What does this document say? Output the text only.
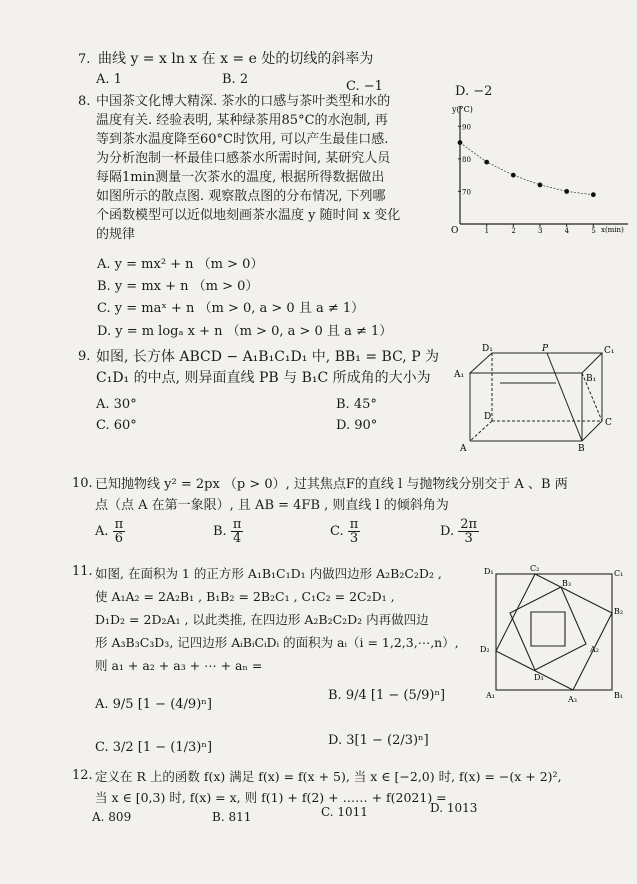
7. 曲线 y = x ln x 在 x = e 处的切线的斜率为
A. 1	B. 2	C. −1	D. −2
8. 中国茶文化博大精深. 茶水的口感与茶叶类型和水的
温度有关. 经验表明, 某种绿茶用85°C的水泡制, 再
等到茶水温度降至60°C时饮用, 可以产生最佳口感.
为分析泡制一杯最佳口感茶水所需时间, 某研究人员
每隔1min测量一次茶水的温度, 根据所得数据做出
如图所示的散点图. 观察散点图的分布情况, 下列哪
个函数模型可以近似地刻画茶水温度 y 随时间 x 变化
的规律
A. y = mx² + n （m > 0）
B. y = mx + n （m > 0）
C. y = maˣ + n （m > 0, a > 0 且 a ≠ 1）
D. y = m logₐ x + n （m > 0, a > 0 且 a ≠ 1）
y(°C)
x(min)
O
90
80
70
1	2	3	4	5
9. 如图, 长方体 ABCD − A₁B₁C₁D₁ 中, BB₁ = BC, P 为
C₁D₁ 的中点, 则异面直线 PB 与 B₁C 所成角的大小为
A. 30°	B. 45°
C. 60°	D. 90°
D₁	P	C₁
A₁	B₁
D
C
A	B
10. 已知抛物线 y² = 2px （p > 0）, 过其焦点F的直线 l 与抛物线分别交于 A 、B 两
点（点 A 在第一象限）, 且 AB = 4FB , 则直线 l 的倾斜角为
A. $\frac{\pi}{6}$	B. $\frac{\pi}{4}$	C. $\frac{\pi}{3}$	D. $\frac{2\pi}{3}$
11. 如图, 在面积为 1 的正方形 A₁B₁C₁D₁ 内做四边形 A₂B₂C₂D₂ ,
使 A₁A₂ = 2A₂B₁ , B₁B₂ = 2B₂C₁ , C₁C₂ = 2C₂D₁ ,
D₁D₂ = 2D₂A₁ , 以此类推, 在四边形 A₂B₂C₂D₂ 内再做四边
形 A₃B₃C₃D₃, 记四边形 AᵢBᵢCᵢDᵢ 的面积为 aᵢ（i = 1,2,3,⋯,n）,
则 a₁ + a₂ + a₃ + ⋯ + aₙ =
A. 9/5 [1 − (4/9)ⁿ]
B. 9/4 [1 − (5/9)ⁿ]
C. 3/2 [1 − (1/3)ⁿ]	D. 3[1 − (2/3)ⁿ]
D₁	C₂
C₁
B₃
B₂
D₂	A₂
D₃
A₃
A₁	B₁
12. 定义在 R 上的函数 f(x) 满足 f(x) = f(x + 5), 当 x ∈ [−2,0) 时, f(x) = −(x + 2)²,
当 x ∈ [0,3) 时, f(x) = x, 则 f(1) + f(2) + …… + f(2021) =
A. 809	B. 811	C. 1011	D. 1013
